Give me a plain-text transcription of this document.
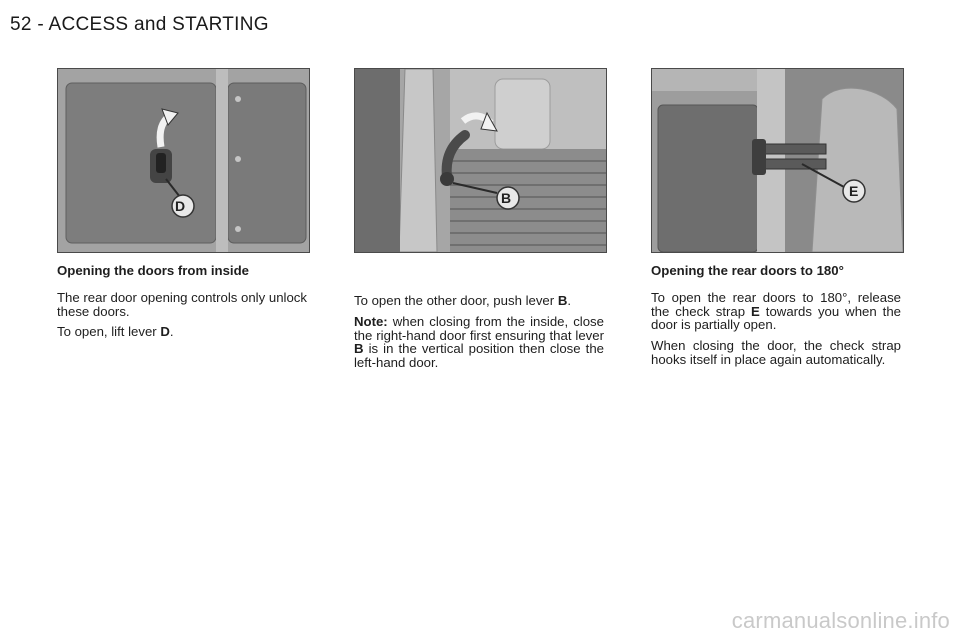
52 - ACCESS and STARTING
D	B	E

Opening the doors from inside

The rear door opening controls only unlock these doors.

To open, lift lever D.

To open the other door, push lever B.

Note: when closing from the inside, close the right-hand door first ensuring that lever B is in the vertical position then close the left-hand door.

Opening the rear doors to 180°

To open the rear doors to 180°, release the check strap E towards you when the door is partially open.

When closing the door, the check strap hooks itself in place again automatically.

carmanualsonline.info
